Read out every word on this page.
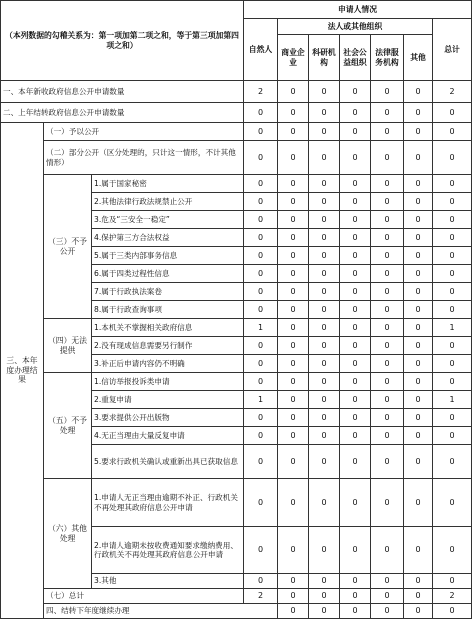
（本列数据的勾稽关系为：第一项加第二项之和，等于第三项加第四项之和）			申请人情况							
			自然人	法人或其他组织					总计	
				商业企业	科研机构	社会公益组织	法律服务机构	其他		
一、本年新收政府信息公开申请数量			2	0	0	0	0	0	2	
二、上年结转政府信息公开申请数量			0	0	0	0	0	0	0	
三、本年度办理结果	（一）予以公开		0	0	0	0	0	0	0	
	（二）部分公开（区分处理的，只计这一情形，不计其他情形）		0	0	0	0	0	0	0	
	（三）不予公开	1.属于国家秘密	0	0	0	0	0	0	0	
		2.其他法律行政法规禁止公开	0	0	0	0	0	0	0	
		3.危及“三安全一稳定”	0	0	0	0	0	0	0	
		4.保护第三方合法权益	0	0	0	0	0	0	0	
		5.属于三类内部事务信息	0	0	0	0	0	0	0	
		6.属于四类过程性信息	0	0	0	0	0	0	0	
		7.属于行政执法案卷	0	0	0	0	0	0	0	
		8.属于行政查询事项	0	0	0	0	0	0	0	
	（四）无法提供	1.本机关不掌握相关政府信息	1	0	0	0	0	0	1	
		2.没有现成信息需要另行制作	0	0	0	0	0	0	0	
		3.补正后申请内容仍不明确	0	0	0	0	0	0	0	
	（五）不予处理	1.信访举报投诉类申请	0	0	0	0	0	0	0	
		2.重复申请	1	0	0	0	0	0	1	
		3.要求提供公开出版物	0	0	0	0	0	0	0	
		4.无正当理由大量反复申请	0	0	0	0	0	0	0	
		5.要求行政机关确认或重新出具已获取信息	0	0	0	0	0	0	0	
	（六）其他处理	1.申请人无正当理由逾期不补正、行政机关不再处理其政府信息公开申请	0	0	0	0	0	0	0	
		2.申请人逾期未按收费通知要求缴纳费用、行政机关不再处理其政府信息公开申请	0	0	0	0	0	0	0	
		3.其他	0	0	0	0	0	0	0	
	（七）总计		2	0	0	0	0	0	2	
	四、结转下年度继续办理			0	0	0	0	0	0	
